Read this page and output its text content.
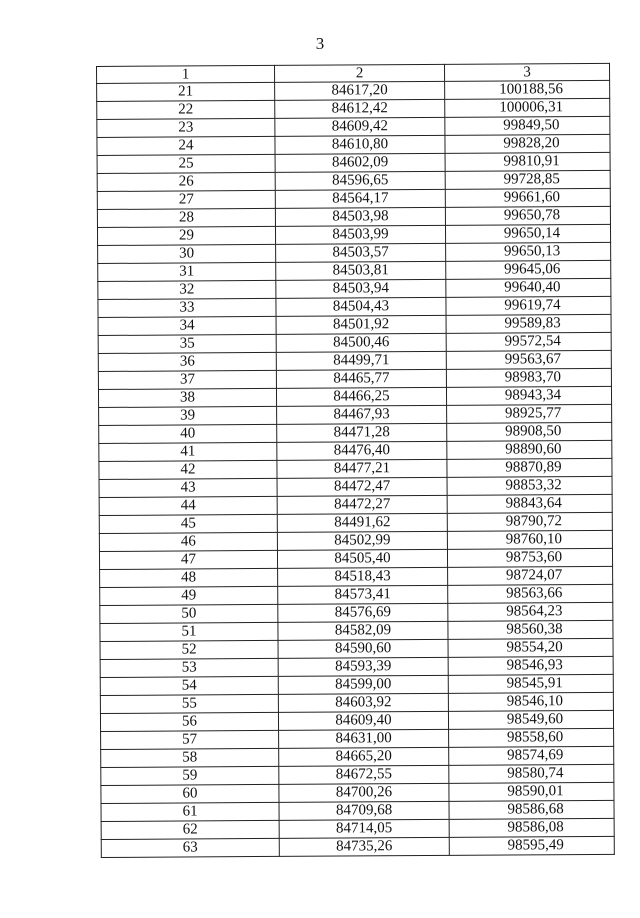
3
1	2	3
21	84617,20	100188,56
22	84612,42	100006,31
23	84609,42	99849,50
24	84610,80	99828,20
25	84602,09	99810,91
26	84596,65	99728,85
27	84564,17	99661,60
28	84503,98	99650,78
29	84503,99	99650,14
30	84503,57	99650,13
31	84503,81	99645,06
32	84503,94	99640,40
33	84504,43	99619,74
34	84501,92	99589,83
35	84500,46	99572,54
36	84499,71	99563,67
37	84465,77	98983,70
38	84466,25	98943,34
39	84467,93	98925,77
40	84471,28	98908,50
41	84476,40	98890,60
42	84477,21	98870,89
43	84472,47	98853,32
44	84472,27	98843,64
45	84491,62	98790,72
46	84502,99	98760,10
47	84505,40	98753,60
48	84518,43	98724,07
49	84573,41	98563,66
50	84576,69	98564,23
51	84582,09	98560,38
52	84590,60	98554,20
53	84593,39	98546,93
54	84599,00	98545,91
55	84603,92	98546,10
56	84609,40	98549,60
57	84631,00	98558,60
58	84665,20	98574,69
59	84672,55	98580,74
60	84700,26	98590,01
61	84709,68	98586,68
62	84714,05	98586,08
63	84735,26	98595,49
